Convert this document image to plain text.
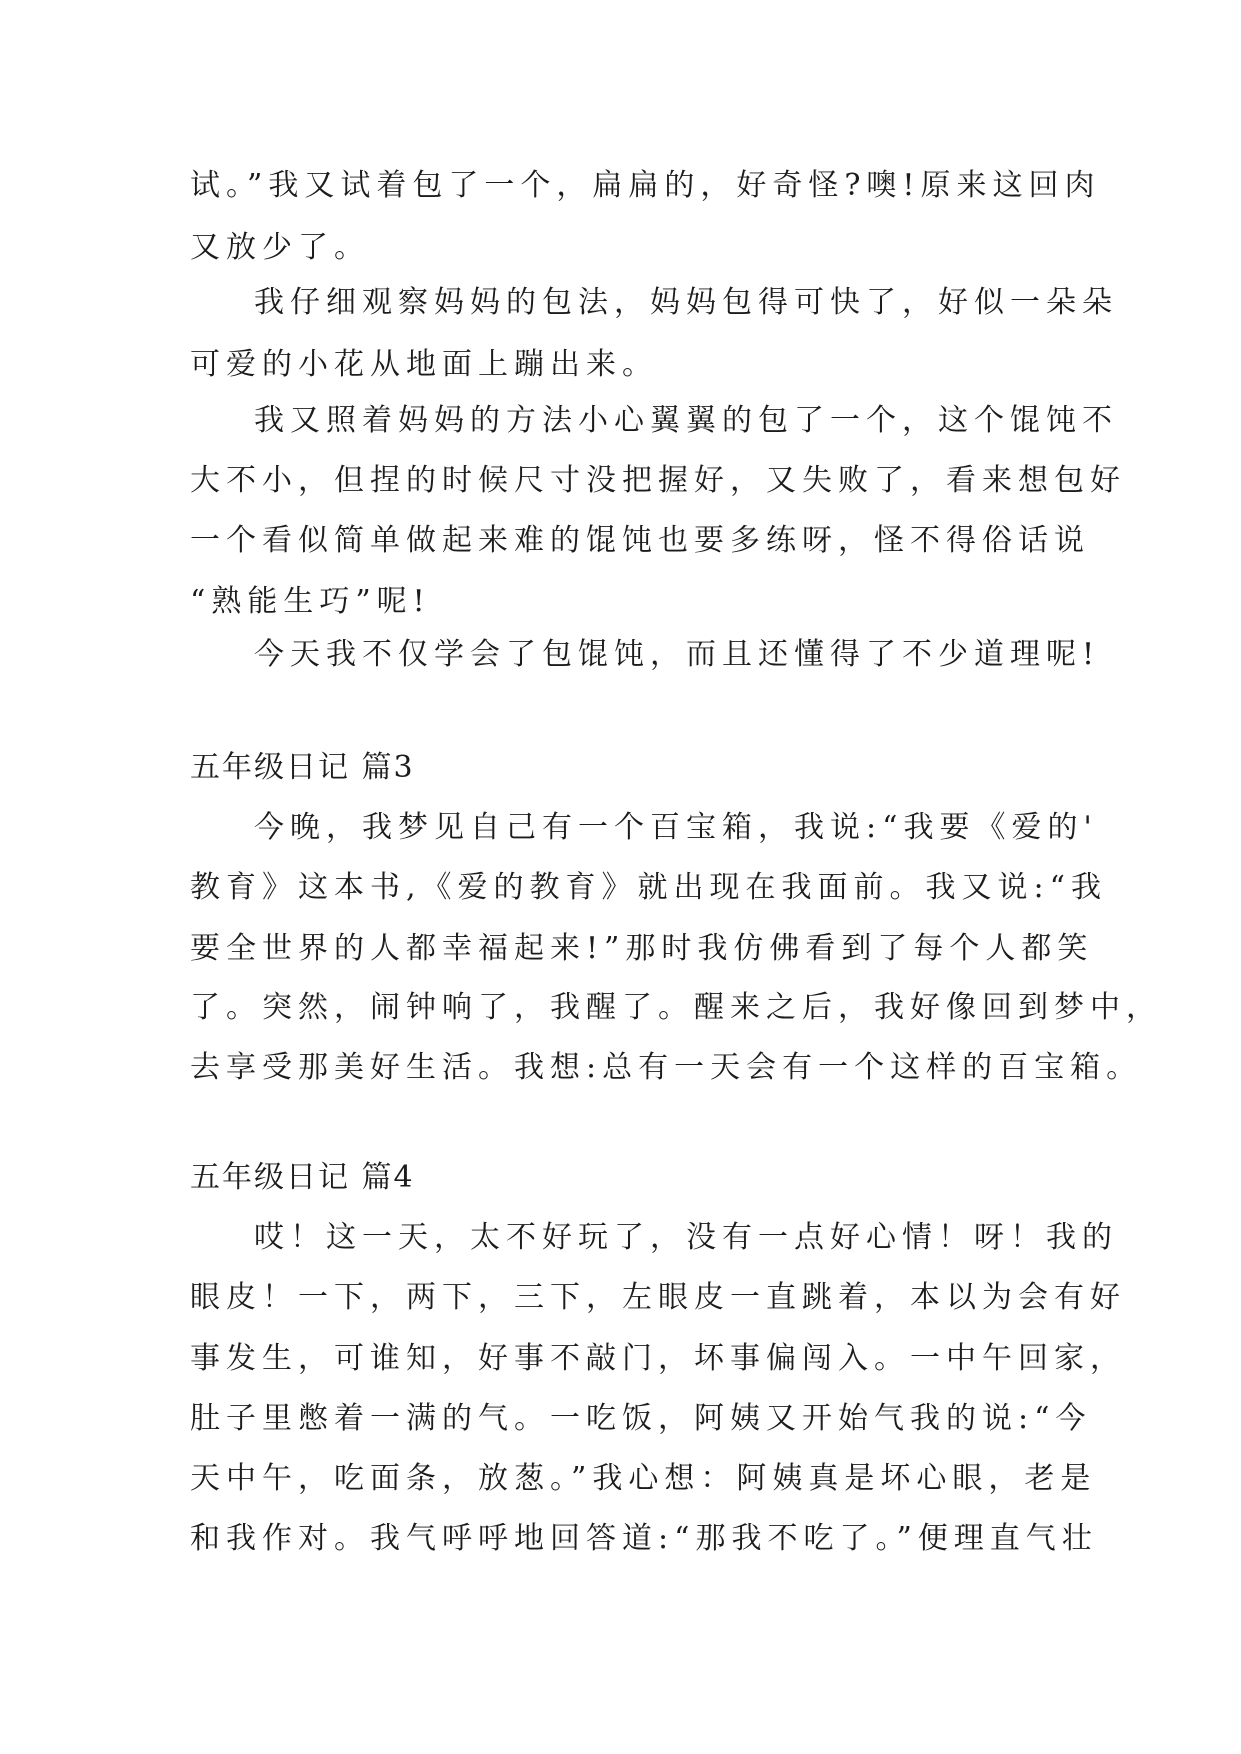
试。”我又试着包了一个，扁扁的，好奇怪?噢!原来这回肉
又放少了。
我仔细观察妈妈的包法，妈妈包得可快了，好似一朵朵
可爱的小花从地面上蹦出来。
我又照着妈妈的方法小心翼翼的包了一个，这个馄饨不
大不小，但捏的时候尺寸没把握好，又失败了，看来想包好
一个看似简单做起来难的馄饨也要多练呀，怪不得俗话说
“熟能生巧”呢!
今天我不仅学会了包馄饨，而且还懂得了不少道理呢!
五年级日记 篇3
今晚，我梦见自己有一个百宝箱，我说:“我要《爱的'
教育》这本书,《爱的教育》就出现在我面前。我又说:“我
要全世界的人都幸福起来!”那时我仿佛看到了每个人都笑
了。突然，闹钟响了，我醒了。醒来之后，我好像回到梦中，
去享受那美好生活。我想:总有一天会有一个这样的百宝箱。
五年级日记 篇4
哎！这一天，太不好玩了，没有一点好心情！呀！我的
眼皮！一下，两下，三下，左眼皮一直跳着，本以为会有好
事发生，可谁知，好事不敲门，坏事偏闯入。一中午回家，
肚子里憋着一满的气。一吃饭，阿姨又开始气我的说:“今
天中午，吃面条，放葱。”我心想：阿姨真是坏心眼，老是
和我作对。我气呼呼地回答道:“那我不吃了。”便理直气壮
